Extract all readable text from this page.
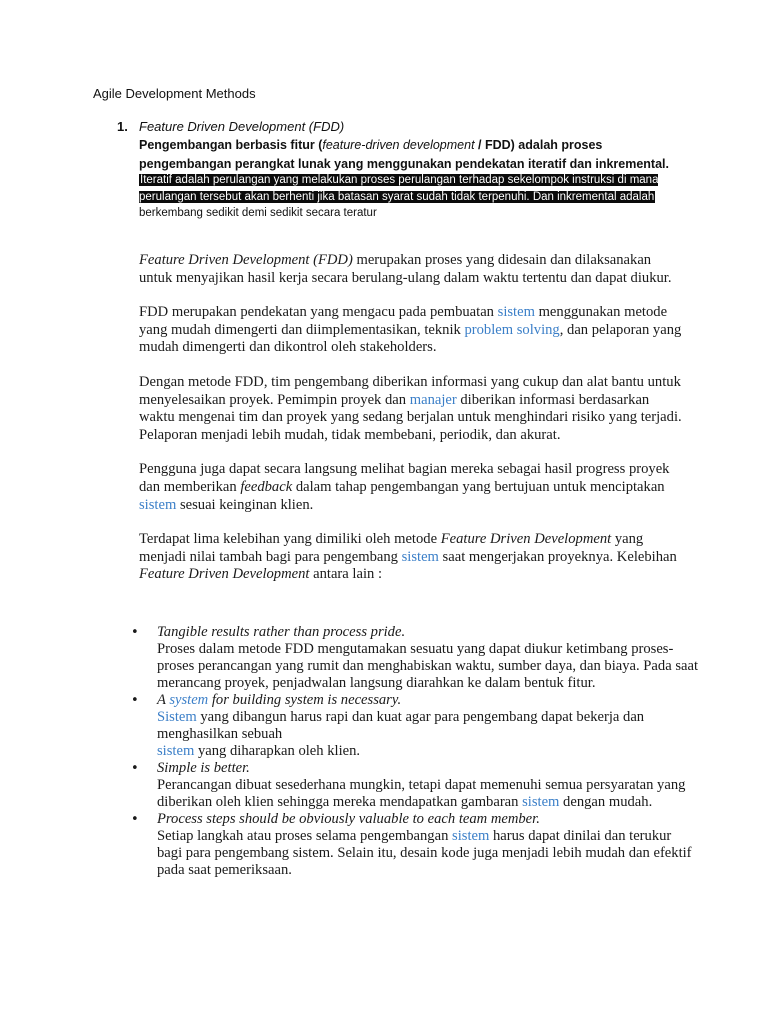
Agile Development Methods
1. Feature Driven Development (FDD)
Pengembangan berbasis fitur (feature-driven development / FDD) adalah proses pengembangan perangkat lunak yang menggunakan pendekatan iteratif dan inkremental.
Iteratif adalah perulangan yang melakukan proses perulangan terhadap sekelompok instruksi di mana perulangan tersebut akan berhenti jika batasan syarat sudah tidak terpenuhi. Dan inkremental adalah berkembang sedikit demi sedikit secara teratur

Feature Driven Development (FDD) merupakan proses yang didesain dan dilaksanakan untuk menyajikan hasil kerja secara berulang-ulang dalam waktu tertentu dan dapat diukur.

FDD merupakan pendekatan yang mengacu pada pembuatan sistem menggunakan metode yang mudah dimengerti dan diimplementasikan, teknik problem solving, dan pelaporan yang mudah dimengerti dan dikontrol oleh stakeholders.

Dengan metode FDD, tim pengembang diberikan informasi yang cukup dan alat bantu untuk menyelesaikan proyek. Pemimpin proyek dan manajer diberikan informasi berdasarkan waktu mengenai tim dan proyek yang sedang berjalan untuk menghindari risiko yang terjadi. Pelaporan menjadi lebih mudah, tidak membebani, periodik, dan akurat.

Pengguna juga dapat secara langsung melihat bagian mereka sebagai hasil progress proyek dan memberikan feedback dalam tahap pengembangan yang bertujuan untuk menciptakan sistem sesuai keinginan klien.

Terdapat lima kelebihan yang dimiliki oleh metode Feature Driven Development yang menjadi nilai tambah bagi para pengembang sistem saat mengerjakan proyeknya. Kelebihan Feature Driven Development antara lain :

• Tangible results rather than process pride.
Proses dalam metode FDD mengutamakan sesuatu yang dapat diukur ketimbang proses-proses perancangan yang rumit dan menghabiskan waktu, sumber daya, dan biaya. Pada saat merancang proyek, penjadwalan langsung diarahkan ke dalam bentuk fitur.
• A system for building system is necessary.
Sistem yang dibangun harus rapi dan kuat agar para pengembang dapat bekerja dan menghasilkan sebuah
sistem yang diharapkan oleh klien.
• Simple is better.
Perancangan dibuat sesederhana mungkin, tetapi dapat memenuhi semua persyaratan yang diberikan oleh klien sehingga mereka mendapatkan gambaran sistem dengan mudah.
• Process steps should be obviously valuable to each team member.
Setiap langkah atau proses selama pengembangan sistem harus dapat dinilai dan terukur bagi para pengembang sistem. Selain itu, desain kode juga menjadi lebih mudah dan efektif pada saat pemeriksaan.
